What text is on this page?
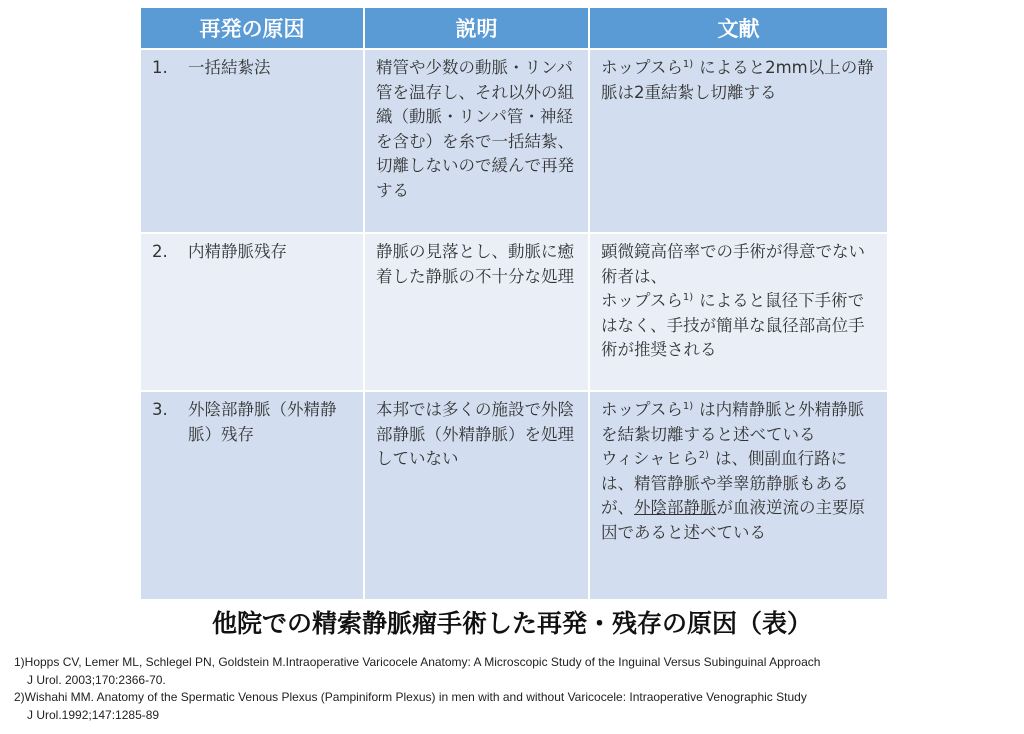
再発の原因	説明	文献

1. 一括結紮法	精管や少数の動脈・リンパ管を温存し、それ以外の組織（動脈・リンパ管・神経を含む）を糸で一括結紮、切離しないので緩んで再発する	ホップスら$^{1)}$ によると2mm以上の静脈は2重結紮し切離する

2. 内精静脈残存	静脈の見落とし、動脈に癒着した静脈の不十分な処理	顕微鏡高倍率での手術が得意でない術者は、
ホップスら$^{1)}$ によると鼠径下手術ではなく、手技が簡単な鼠径部高位手術が推奨される

3. 外陰部静脈（外精静脈）残存	本邦では多くの施設で外陰部静脈（外精静脈）を処理していない	ホップスら$^{1)}$ は内精静脈と外精静脈を結紮切離すると述べている
ウィシャヒら$^{2)}$ は、側副血行路には、精管静脈や挙睾筋静脈もあるが、外陰部静脈が血液逆流の主要原因であると述べている
他院での精索静脈瘤手術した再発・残存の原因（表）
1)Hopps CV, Lemer ML, Schlegel PN, Goldstein M.Intraoperative Varicocele Anatomy: A Microscopic Study of the Inguinal Versus Subinguinal Approach
J Urol. 2003;170:2366-70.
2)Wishahi MM. Anatomy of the Spermatic Venous Plexus (Pampiniform Plexus) in men with and without Varicocele: Intraoperative Venographic Study
J Urol.1992;147:1285-89
